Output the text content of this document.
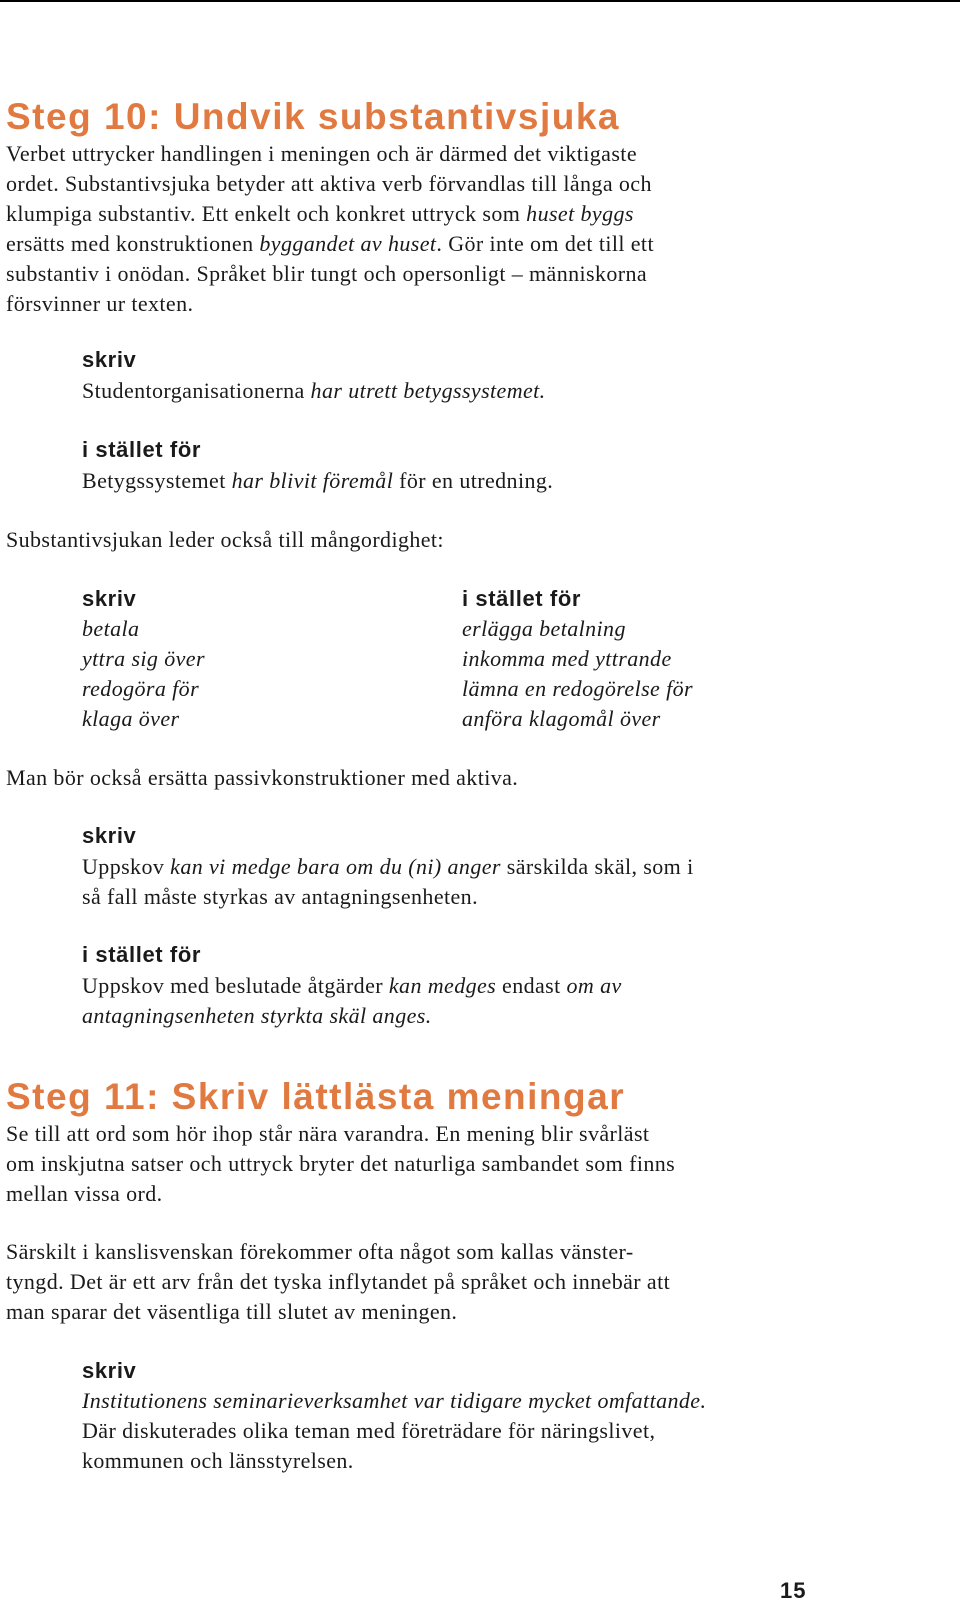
Steg 10: Undvik substantivsjuka
Verbet uttrycker handlingen i meningen och är därmed det viktigaste
ordet. Substantivsjuka betyder att aktiva verb förvandlas till långa och
klumpiga substantiv. Ett enkelt och konkret uttryck som huset byggs
ersätts med konstruktionen byggandet av huset. Gör inte om det till ett
substantiv i onödan. Språket blir tungt och opersonligt – människorna
försvinner ur texten.
skriv
Studentorganisationerna har utrett betygssystemet.
i stället för
Betygssystemet har blivit föremål för en utredning.
Substantivsjukan leder också till mångordighet:
skriv	i stället för
betala
yttra sig över
redogöra för
klaga över
erlägga betalning
inkomma med yttrande
lämna en redogörelse för
anföra klagomål över
Man bör också ersätta passivkonstruktioner med aktiva.
skriv
Uppskov kan vi medge bara om du (ni) anger särskilda skäl, som i
så fall måste styrkas av antagningsenheten.
i stället för
Uppskov med beslutade åtgärder kan medges endast om av
antagningsenheten styrkta skäl anges.
Steg 11: Skriv lättlästa meningar
Se till att ord som hör ihop står nära varandra. En mening blir svårläst
om inskjutna satser och uttryck bryter det naturliga sambandet som finns
mellan vissa ord.
Särskilt i kanslisvenskan förekommer ofta något som kallas vänster-
tyngd. Det är ett arv från det tyska inflytandet på språket och innebär att
man sparar det väsentliga till slutet av meningen.
skriv
Institutionens seminarieverksamhet var tidigare mycket omfattande.
Där diskuterades olika teman med företrädare för näringslivet,
kommunen och länsstyrelsen.
15
